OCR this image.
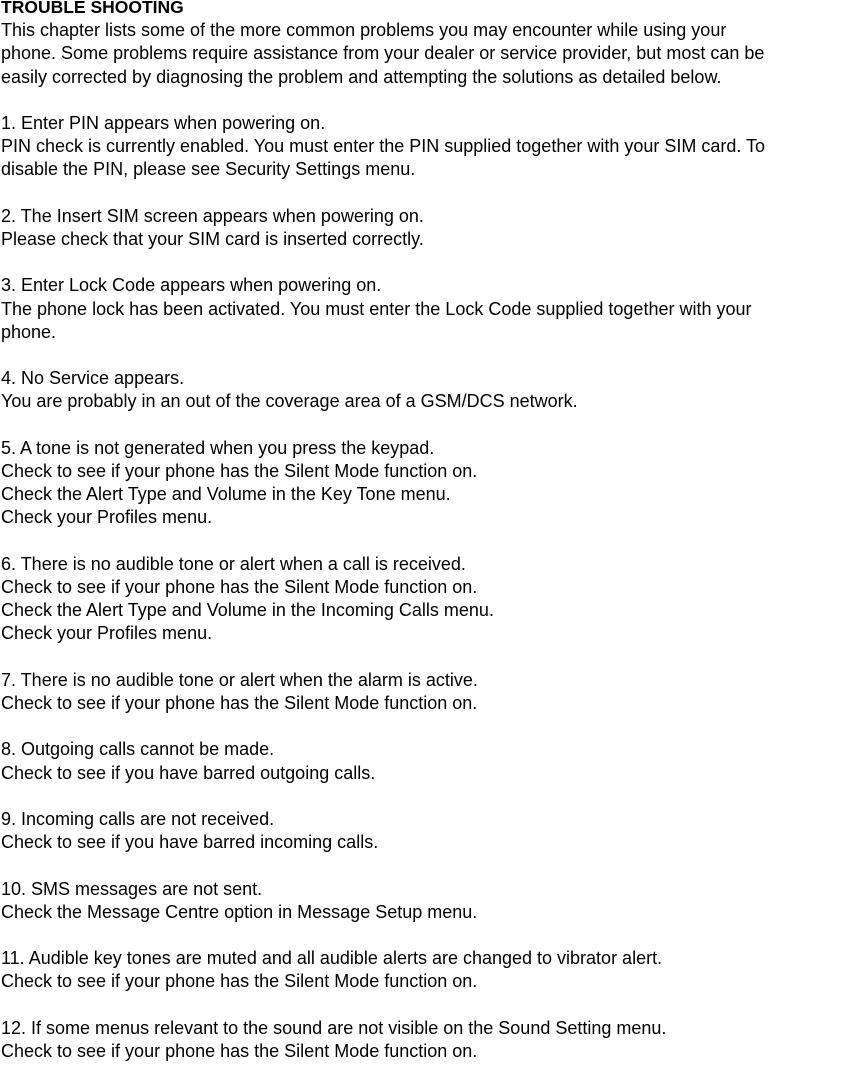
TROUBLE SHOOTING
This chapter lists some of the more common problems you may encounter while using your
phone. Some problems require assistance from your dealer or service provider, but most can be
easily corrected by diagnosing the problem and attempting the solutions as detailed below.
1. Enter PIN appears when powering on.
PIN check is currently enabled. You must enter the PIN supplied together with your SIM card. To
disable the PIN, please see Security Settings menu.
2. The Insert SIM screen appears when powering on.
Please check that your SIM card is inserted correctly.
3. Enter Lock Code appears when powering on.
The phone lock has been activated. You must enter the Lock Code supplied together with your
phone.
4. No Service appears.
You are probably in an out of the coverage area of a GSM/DCS network.
5. A tone is not generated when you press the keypad.
Check to see if your phone has the Silent Mode function on.
Check the Alert Type and Volume in the Key Tone menu.
Check your Profiles menu.
6. There is no audible tone or alert when a call is received.
Check to see if your phone has the Silent Mode function on.
Check the Alert Type and Volume in the Incoming Calls menu.
Check your Profiles menu.
7. There is no audible tone or alert when the alarm is active.
Check to see if your phone has the Silent Mode function on.
8. Outgoing calls cannot be made.
Check to see if you have barred outgoing calls.
9. Incoming calls are not received.
Check to see if you have barred incoming calls.
10. SMS messages are not sent.
Check the Message Centre option in Message Setup menu.
11. Audible key tones are muted and all audible alerts are changed to vibrator alert.
Check to see if your phone has the Silent Mode function on.
12. If some menus relevant to the sound are not visible on the Sound Setting menu.
Check to see if your phone has the Silent Mode function on.
